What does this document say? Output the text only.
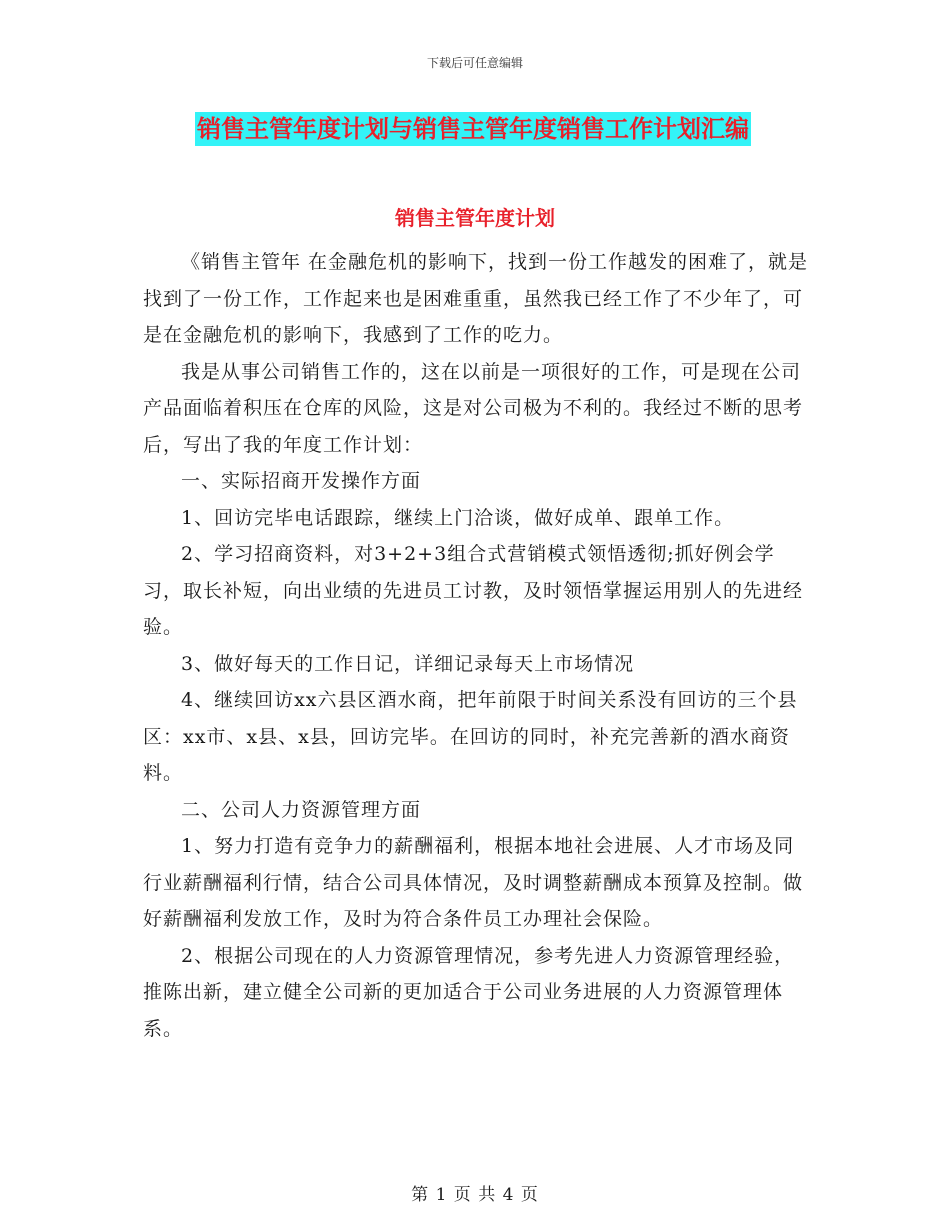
下载后可任意编辑
销售主管年度计划与销售主管年度销售工作计划汇编
销售主管年度计划

《销售主管年 在金融危机的影响下，找到一份工作越发的困难了，就是找到了一份工作，工作起来也是困难重重，虽然我已经工作了不少年了，可是在金融危机的影响下，我感到了工作的吃力。

我是从事公司销售工作的，这在以前是一项很好的工作，可是现在公司产品面临着积压在仓库的风险，这是对公司极为不利的。我经过不断的思考后，写出了我的年度工作计划：

一、实际招商开发操作方面

1、回访完毕电话跟踪，继续上门洽谈，做好成单、跟单工作。

2、学习招商资料，对3+2+3组合式营销模式领悟透彻;抓好例会学习，取长补短，向出业绩的先进员工讨教，及时领悟掌握运用别人的先进经验。

3、做好每天的工作日记，详细记录每天上市场情况

4、继续回访xx六县区酒水商，把年前限于时间关系没有回访的三个县区：xx市、x县、x县，回访完毕。在回访的同时，补充完善新的酒水商资料。

二、公司人力资源管理方面

1、努力打造有竞争力的薪酬福利，根据本地社会进展、人才市场及同行业薪酬福利行情，结合公司具体情况，及时调整薪酬成本预算及控制。做好薪酬福利发放工作，及时为符合条件员工办理社会保险。

2、根据公司现在的人力资源管理情况，参考先进人力资源管理经验，推陈出新，建立健全公司新的更加适合于公司业务进展的人力资源管理体系。

第 1 页 共 4 页
